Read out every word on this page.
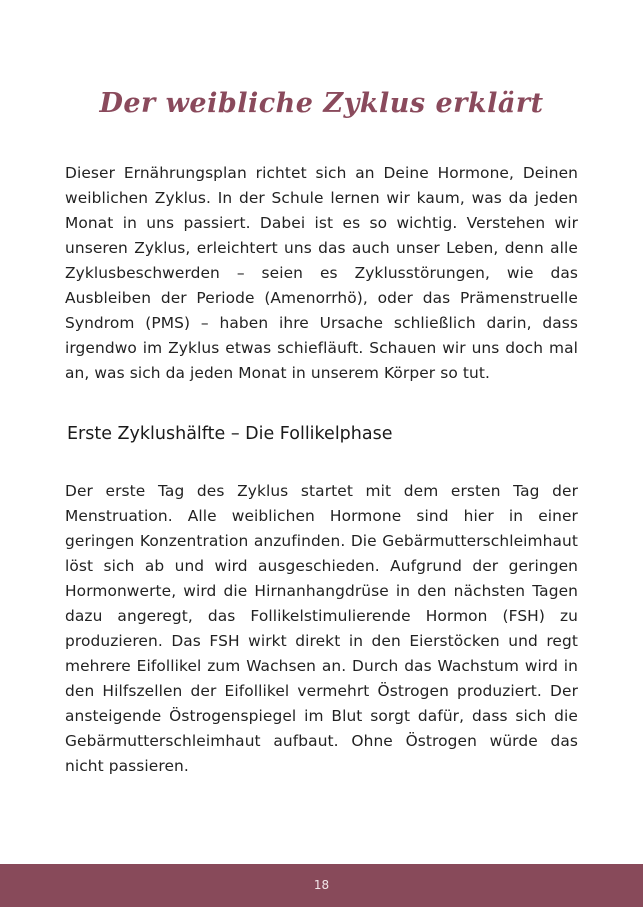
Der weibliche Zyklus erklärt

Dieser Ernährungsplan richtet sich an Deine Hormone, Deinen weiblichen Zyklus. In der Schule lernen wir kaum, was da jeden Monat in uns passiert. Dabei ist es so wichtig. Verstehen wir unseren Zyklus, erleichtert uns das auch unser Leben, denn alle Zyklusbeschwerden – seien es Zyklusstörungen, wie das Ausbleiben der Periode (Amenorrhö), oder das Prämenstruelle Syndrom (PMS) – haben ihre Ursache schließlich darin, dass irgendwo im Zyklus etwas schiefläuft. Schauen wir uns doch mal an, was sich da jeden Monat in unserem Körper so tut.

Erste Zyklushälfte – Die Follikelphase

Der erste Tag des Zyklus startet mit dem ersten Tag der Menstruation. Alle weiblichen Hormone sind hier in einer geringen Konzentration anzufinden. Die Gebärmutterschleimhaut löst sich ab und wird ausgeschieden. Aufgrund der geringen Hormonwerte, wird die Hirnanhangdrüse in den nächsten Tagen dazu angeregt, das Follikelstimulierende Hormon (FSH) zu produzieren. Das FSH wirkt direkt in den Eierstöcken und regt mehrere Eifollikel zum Wachsen an. Durch das Wachstum wird in den Hilfszellen der Eifollikel vermehrt Östrogen produziert. Der ansteigende Östrogenspiegel im Blut sorgt dafür, dass sich die Gebärmutterschleimhaut aufbaut. Ohne Östrogen würde das nicht passieren.

18
